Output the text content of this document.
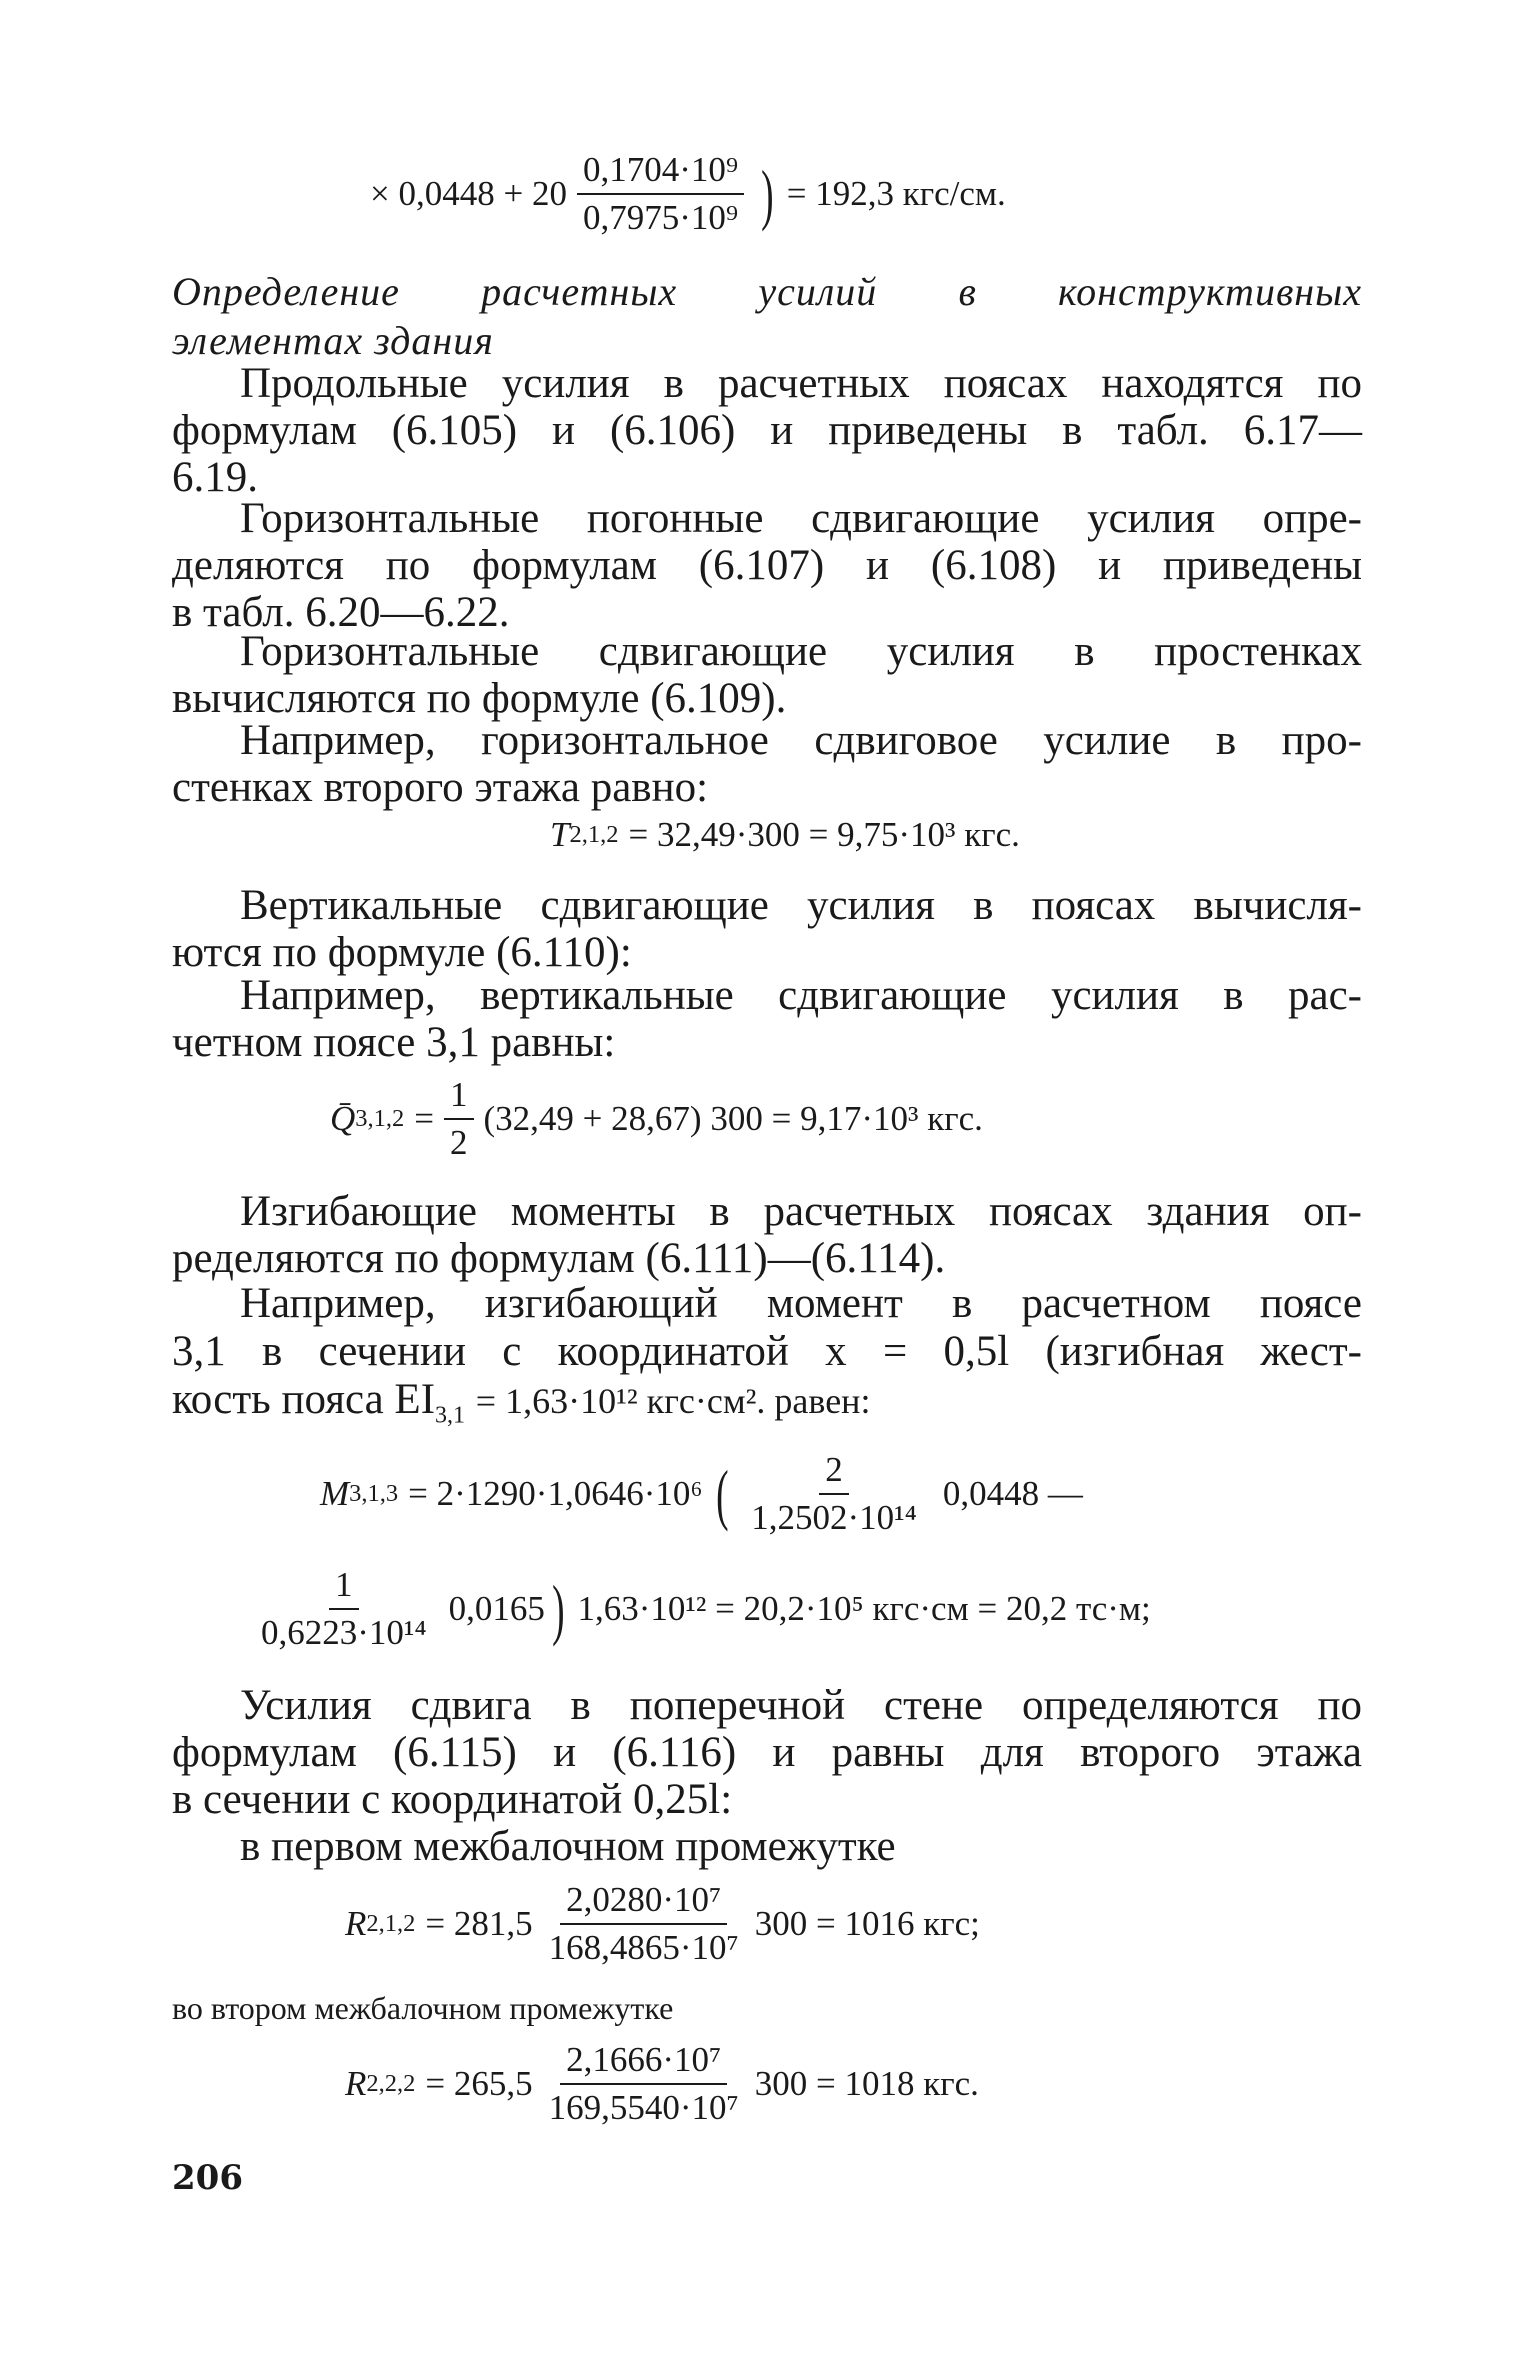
× $0,0448 + 20 \frac{\text{0,1704·10⁹}}{\text{0,7975·10⁹}}$ ) = 192,3 кгс/см.
Определение расчетных усилий в конструктивных
элементах здания
Продольные усилия в расчетных поясах находятся по
формулам (6.105) и (6.106) и приведены в табл. 6.17—
6.19.
Горизонтальные погонные сдвигающие усилия опре-
деляются по формулам (6.107) и (6.108) и приведены
в табл. 6.20—6.22.
Горизонтальные сдвигающие усилия в простенках
вычисляются по формуле (6.109).
Например, горизонтальное сдвиговое усилие в про-
стенках второго этажа равно:
T 2,1,2 = 32,49·300 = 9,75·10³ кгс.
Вертикальные сдвигающие усилия в поясах вычисля-
ются по формуле (6.110):
Например, вертикальные сдвигающие усилия в рас-
четном поясе 3,1 равны:
Q̄ $3,1,2 = \frac{1}{2} (32,49 + 28,67) 300 = 9,17\cdot 10^3$ кгс.
Изгибающие моменты в расчетных поясах здания оп-
ределяются по формулам (6.111)—(6.114).
Например, изгибающий момент в расчетном поясе
3,1 в сечении с координатой x = 0,5l (изгибная жест-
кость пояса $EI_{3,1} = 1,63\cdot 10^{12}$ кгс·см². равен:
M 3,1,3 = 2·1290·1,0646·10⁶ ( $\frac{2}{\text{1,2502·10¹⁴}} 0,0448$ —
$\frac{1}{\text{0,6223·10¹⁴}} 0,0165$ ) 1,63·10¹² = 20,2·10⁵ кгс·см = 20,2 тс·м;
Усилия сдвига в поперечной стене определяются по
формулам (6.115) и (6.116) и равны для второго этажа
в сечении с координатой 0,25l:
в первом межбалочном промежутке
R $2,1,2 = 281,5 \frac{\text{2,0280·10⁷}}{\text{168,4865·10⁷}} 300 = 1016$ кгс;
во втором межбалочном промежутке
R $2,2,2 = 265,5 \frac{\text{2,1666·10⁷}}{\text{169,5540·10⁷}} 300 = 1018$ кгс.
206
